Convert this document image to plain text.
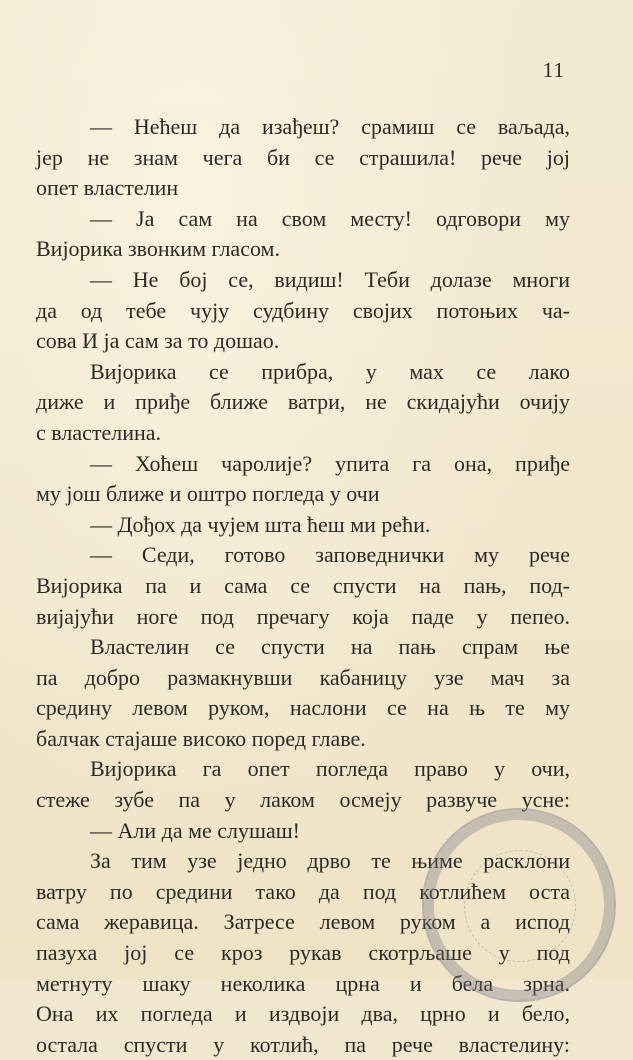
11
— Нећеш да изађеш? срамиш се ваљада,
јер не знам чега би се страшила! рече јој
опет властелин
— Ја сам на свом месту! одговори му
Вијорика звонким гласом.
— Не бој се, видиш! Теби долазе многи
да од тебе чују судбину својих потоњих ча-
сова И ја сам за то дошао.
Вијорика се прибра, у мах се лако
диже и приђе ближе ватри, не скидајући очију
с властелина.
— Хоћеш чаролије? упита га она, приђе
му још ближе и оштро погледа у очи
— Дођох да чујем шта ћеш ми рећи.
— Седи, готово заповеднички му рече
Вијорика па и сама се спусти на пањ, под-
вијајући ноге под пречагу која паде у пепео.
Властелин се спусти на пањ спрам ње
па добро размакнувши кабаницу узе мач за
средину левом руком, наслони се на њ те му
балчак стајаше високо поред главе.
Вијорика га опет погледа право у очи,
стеже зубе па у лаком осмеју развуче усне:
— Али да ме слушаш!
За тим узе једно дрво те њиме расклони
ватру по средини тако да под котлићем оста
сама жеравица. Затресе левом руком а испод
пазуха јој се кроз рукав скотрљаше у под
метнуту шаку неколика црна и бела зрна.
Она их погледа и издвоји два, црно и бело,
остала спусти у котлић, па рече властелину:
